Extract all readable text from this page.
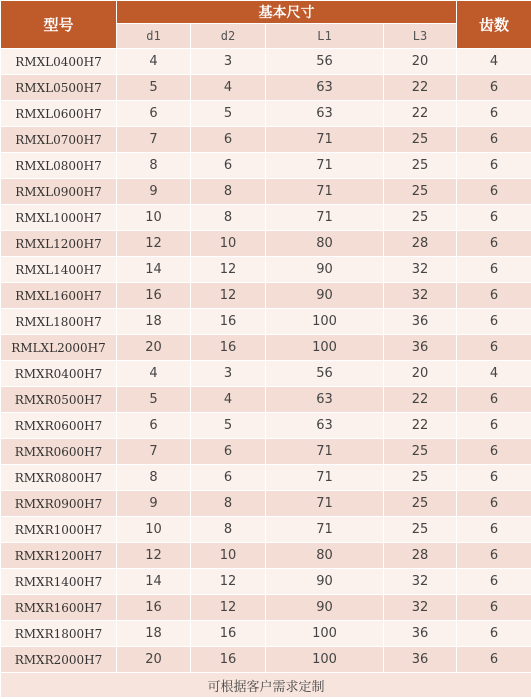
型号	基本尺寸				齿数
	d1	d2	L1	L3	
RMXL0400H7	4	3	56	20	4
RMXL0500H7	5	4	63	22	6
RMXL0600H7	6	5	63	22	6
RMXL0700H7	7	6	71	25	6
RMXL0800H7	8	6	71	25	6
RMXL0900H7	9	8	71	25	6
RMXL1000H7	10	8	71	25	6
RMXL1200H7	12	10	80	28	6
RMXL1400H7	14	12	90	32	6
RMXL1600H7	16	12	90	32	6
RMXL1800H7	18	16	100	36	6
RMLXL2000H7	20	16	100	36	6
RMXR0400H7	4	3	56	20	4
RMXR0500H7	5	4	63	22	6
RMXR0600H7	6	5	63	22	6
RMXR0600H7	7	6	71	25	6
RMXR0800H7	8	6	71	25	6
RMXR0900H7	9	8	71	25	6
RMXR1000H7	10	8	71	25	6
RMXR1200H7	12	10	80	28	6
RMXR1400H7	14	12	90	32	6
RMXR1600H7	16	12	90	32	6
RMXR1800H7	18	16	100	36	6
RMXR2000H7	20	16	100	36	6
可根据客户需求定制					
